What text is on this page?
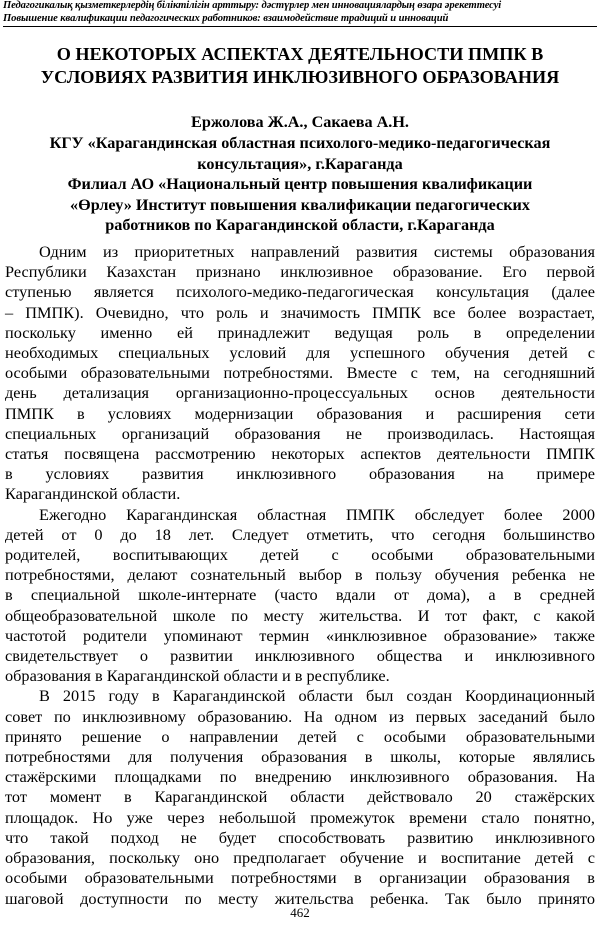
Педагогикалық қызметкерлердің біліктілігін арттыру: дәстүрлер мен инновациялардың өзара әрекеттесуі
Повышение квалификации педагогических работников: взаимодействие традиций и инноваций
О НЕКОТОРЫХ АСПЕКТАХ ДЕЯТЕЛЬНОСТИ ПМПК В
УСЛОВИЯХ РАЗВИТИЯ ИНКЛЮЗИВНОГО ОБРАЗОВАНИЯ
Ержолова Ж.А., Сакаева А.Н.
КГУ «Карагандинская областная психолого-медико-педагогическая
консультация», г.Караганда
Филиал АО «Национальный центр повышения квалификации
«Өрлеу» Институт повышения квалификации педагогических
работников по Карагандинской области, г.Караганда
Одним из приоритетных направлений развития системы образования
Республики Казахстан признано инклюзивное образование. Его первой
ступенью является психолого-медико-педагогическая консультация (далее
– ПМПК). Очевидно, что роль и значимость ПМПК все более возрастает,
поскольку именно ей принадлежит ведущая роль в определении
необходимых специальных условий для успешного обучения детей с
особыми образовательными потребностями. Вместе с тем, на сегодняшний
день детализация организационно-процессуальных основ деятельности
ПМПК в условиях модернизации образования и расширения сети
специальных организаций образования не производилась. Настоящая
статья посвящена рассмотрению некоторых аспектов деятельности ПМПК
в условиях развития инклюзивного образования на примере
Карагандинской области.
Ежегодно Карагандинская областная ПМПК обследует более 2000
детей от 0 до 18 лет. Следует отметить, что сегодня большинство
родителей, воспитывающих детей с особыми образовательными
потребностями, делают сознательный выбор в пользу обучения ребенка не
в специальной школе-интернате (часто вдали от дома), а в средней
общеобразовательной школе по месту жительства. И тот факт, с какой
частотой родители упоминают термин «инклюзивное образование» также
свидетельствует о развитии инклюзивного общества и инклюзивного
образования в Карагандинской области и в республике.
В 2015 году в Карагандинской области был создан Координационный
совет по инклюзивному образованию. На одном из первых заседаний было
принято решение о направлении детей с особыми образовательными
потребностями для получения образования в школы, которые являлись
стажёрскими площадками по внедрению инклюзивного образования. На
тот момент в Карагандинской области действовало 20 стажёрских
площадок. Но уже через небольшой промежуток времени стало понятно,
что такой подход не будет способствовать развитию инклюзивного
образования, поскольку оно предполагает обучение и воспитание детей с
особыми образовательными потребностями в организации образования в
шаговой доступности по месту жительства ребенка. Так было принято
462
